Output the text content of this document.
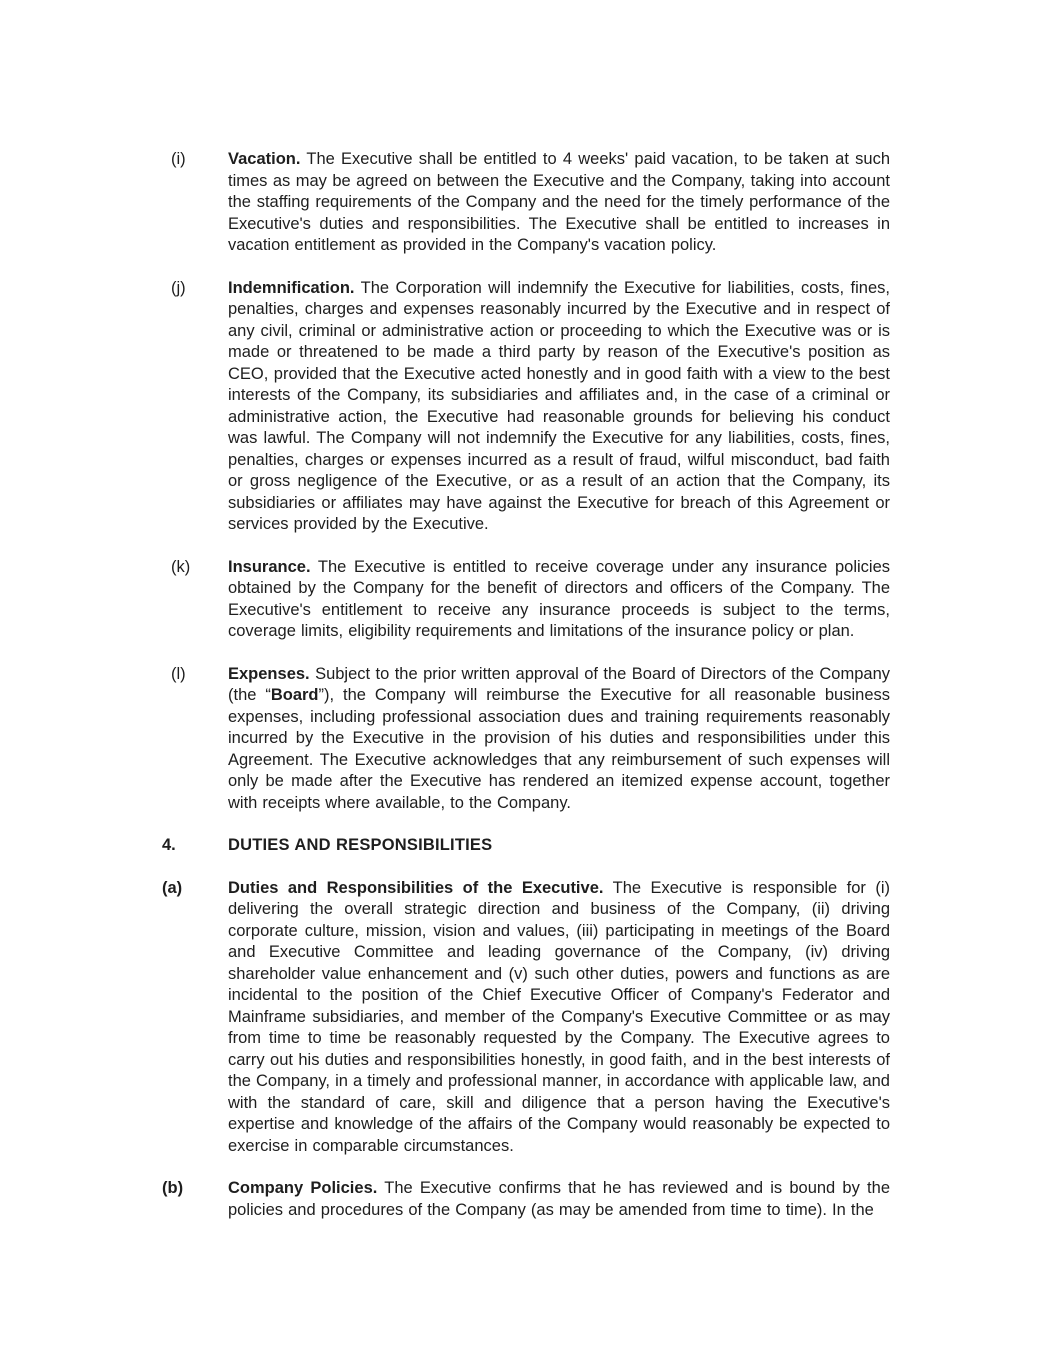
(i)	Vacation. The Executive shall be entitled to 4 weeks' paid vacation, to be taken at such times as may be agreed on between the Executive and the Company, taking into account the staffing requirements of the Company and the need for the timely performance of the Executive's duties and responsibilities. The Executive shall be entitled to increases in vacation entitlement as provided in the Company's vacation policy.
(j)	Indemnification. The Corporation will indemnify the Executive for liabilities, costs, fines, penalties, charges and expenses reasonably incurred by the Executive and in respect of any civil, criminal or administrative action or proceeding to which the Executive was or is made or threatened to be made a third party by reason of the Executive's position as CEO, provided that the Executive acted honestly and in good faith with a view to the best interests of the Company, its subsidiaries and affiliates and, in the case of a criminal or administrative action, the Executive had reasonable grounds for believing his conduct was lawful. The Company will not indemnify the Executive for any liabilities, costs, fines, penalties, charges or expenses incurred as a result of fraud, wilful misconduct, bad faith or gross negligence of the Executive, or as a result of an action that the Company, its subsidiaries or affiliates may have against the Executive for breach of this Agreement or services provided by the Executive.
(k)	Insurance. The Executive is entitled to receive coverage under any insurance policies obtained by the Company for the benefit of directors and officers of the Company. The Executive's entitlement to receive any insurance proceeds is subject to the terms, coverage limits, eligibility requirements and limitations of the insurance policy or plan.
(l)	Expenses. Subject to the prior written approval of the Board of Directors of the Company (the “Board”), the Company will reimburse the Executive for all reasonable business expenses, including professional association dues and training requirements reasonably incurred by the Executive in the provision of his duties and responsibilities under this Agreement. The Executive acknowledges that any reimbursement of such expenses will only be made after the Executive has rendered an itemized expense account, together with receipts where available, to the Company.
4.	DUTIES AND RESPONSIBILITIES
(a)	Duties and Responsibilities of the Executive. The Executive is responsible for (i) delivering the overall strategic direction and business of the Company, (ii) driving corporate culture, mission, vision and values, (iii) participating in meetings of the Board and Executive Committee and leading governance of the Company, (iv) driving shareholder value enhancement and (v) such other duties, powers and functions as are incidental to the position of the Chief Executive Officer of Company's Federator and Mainframe subsidiaries, and member of the Company's Executive Committee or as may from time to time be reasonably requested by the Company. The Executive agrees to carry out his duties and responsibilities honestly, in good faith, and in the best interests of the Company, in a timely and professional manner, in accordance with applicable law, and with the standard of care, skill and diligence that a person having the Executive's expertise and knowledge of the affairs of the Company would reasonably be expected to exercise in comparable circumstances.
(b)	Company Policies. The Executive confirms that he has reviewed and is bound by the policies and procedures of the Company (as may be amended from time to time). In the
